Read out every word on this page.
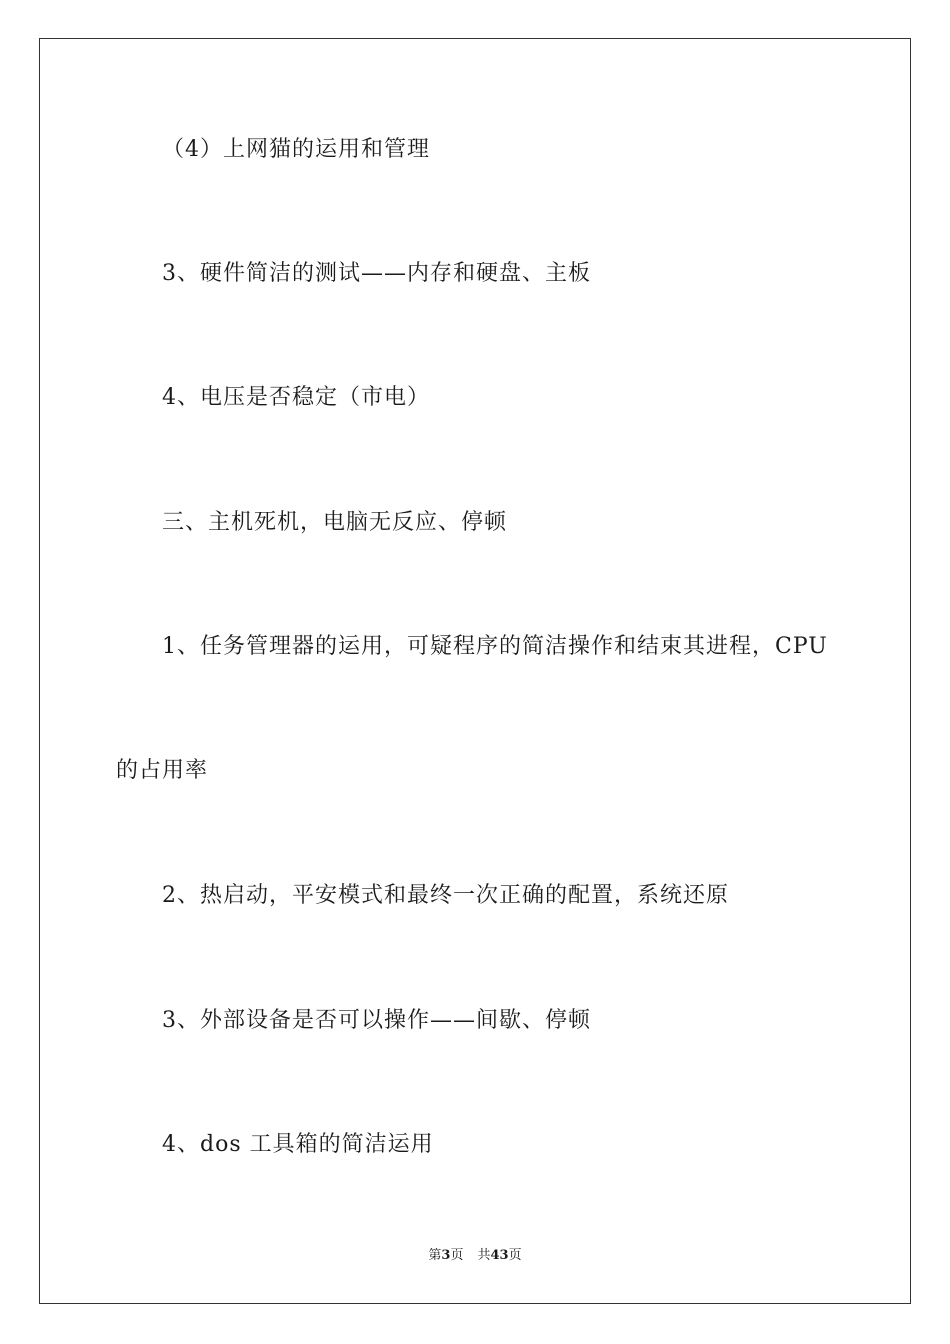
（4）上网猫的运用和管理
3、硬件简洁的测试——内存和硬盘、主板
4、电压是否稳定（市电）
三、主机死机，电脑无反应、停顿
1、任务管理器的运用，可疑程序的简洁操作和结束其进程，CPU
的占用率
2、热启动，平安模式和最终一次正确的配置，系统还原
3、外部设备是否可以操作——间歇、停顿
4、dos 工具箱的简洁运用
第3页 共43页
